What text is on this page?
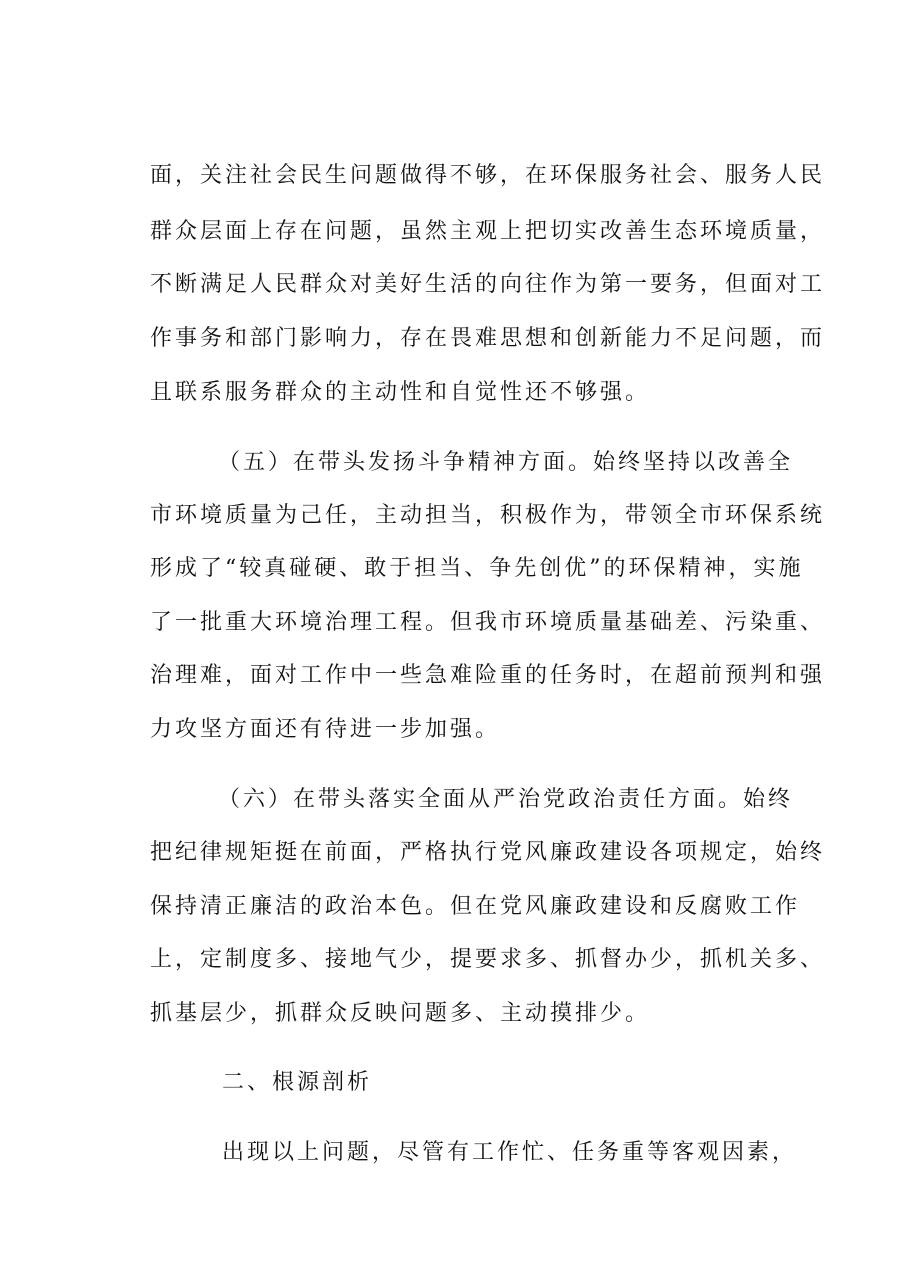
面，关注社会民生问题做得不够，在环保服务社会、服务人民
群众层面上存在问题，虽然主观上把切实改善生态环境质量，
不断满足人民群众对美好生活的向往作为第一要务，但面对工
作事务和部门影响力，存在畏难思想和创新能力不足问题，而
且联系服务群众的主动性和自觉性还不够强。
（五）在带头发扬斗争精神方面。始终坚持以改善全
市环境质量为己任，主动担当，积极作为，带领全市环保系统
形成了“较真碰硬、敢于担当、争先创优”的环保精神，实施
了一批重大环境治理工程。但我市环境质量基础差、污染重、
治理难，面对工作中一些急难险重的任务时，在超前预判和强
力攻坚方面还有待进一步加强。
（六）在带头落实全面从严治党政治责任方面。始终
把纪律规矩挺在前面，严格执行党风廉政建设各项规定，始终
保持清正廉洁的政治本色。但在党风廉政建设和反腐败工作
上，定制度多、接地气少，提要求多、抓督办少，抓机关多、
抓基层少，抓群众反映问题多、主动摸排少。
二、根源剖析
出现以上问题，尽管有工作忙、任务重等客观因素，
